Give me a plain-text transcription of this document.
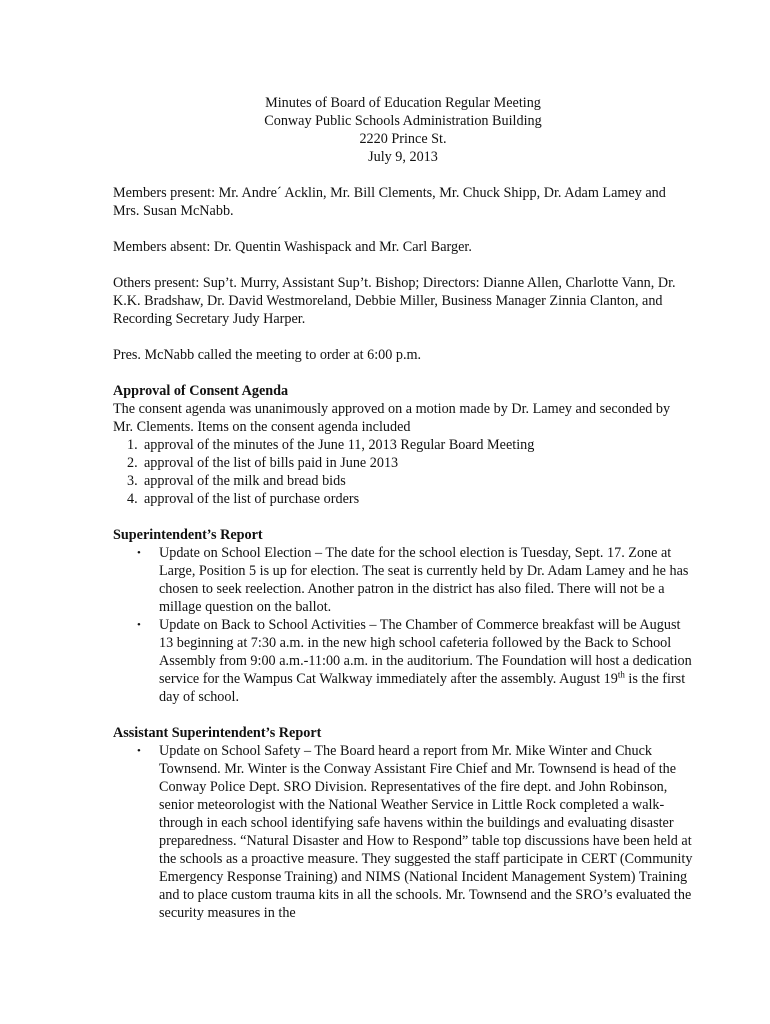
Minutes of Board of Education Regular Meeting
Conway Public Schools Administration Building
2220 Prince St.
July 9, 2013

Members present: Mr. Andre´ Acklin, Mr. Bill Clements, Mr. Chuck Shipp, Dr. Adam Lamey and Mrs. Susan McNabb.

Members absent: Dr. Quentin Washispack and Mr. Carl Barger.

Others present: Sup’t. Murry, Assistant Sup’t. Bishop; Directors: Dianne Allen, Charlotte Vann, Dr. K.K. Bradshaw, Dr. David Westmoreland, Debbie Miller, Business Manager Zinnia Clanton, and Recording Secretary Judy Harper.

Pres. McNabb called the meeting to order at 6:00 p.m.

Approval of Consent Agenda

The consent agenda was unanimously approved on a motion made by Dr. Lamey and seconded by Mr. Clements. Items on the consent agenda included

1. approval of the minutes of the June 11, 2013 Regular Board Meeting
2. approval of the list of bills paid in June 2013
3. approval of the milk and bread bids
4. approval of the list of purchase orders

Superintendent’s Report

• Update on School Election – The date for the school election is Tuesday, Sept. 17. Zone at Large, Position 5 is up for election. The seat is currently held by Dr. Adam Lamey and he has chosen to seek reelection. Another patron in the district has also filed. There will not be a millage question on the ballot.
• Update on Back to School Activities – The Chamber of Commerce breakfast will be August 13 beginning at 7:30 a.m. in the new high school cafeteria followed by the Back to School Assembly from 9:00 a.m.-11:00 a.m. in the auditorium. The Foundation will host a dedication service for the Wampus Cat Walkway immediately after the assembly. August 19th is the first day of school.

Assistant Superintendent’s Report

• Update on School Safety – The Board heard a report from Mr. Mike Winter and Chuck Townsend. Mr. Winter is the Conway Assistant Fire Chief and Mr. Townsend is head of the Conway Police Dept. SRO Division. Representatives of the fire dept. and John Robinson, senior meteorologist with the National Weather Service in Little Rock completed a walk-through in each school identifying safe havens within the buildings and evaluating disaster preparedness. “Natural Disaster and How to Respond” table top discussions have been held at the schools as a proactive measure. They suggested the staff participate in CERT (Community Emergency Response Training) and NIMS (National Incident Management System) Training and to place custom trauma kits in all the schools. Mr. Townsend and the SRO’s evaluated the security measures in the
